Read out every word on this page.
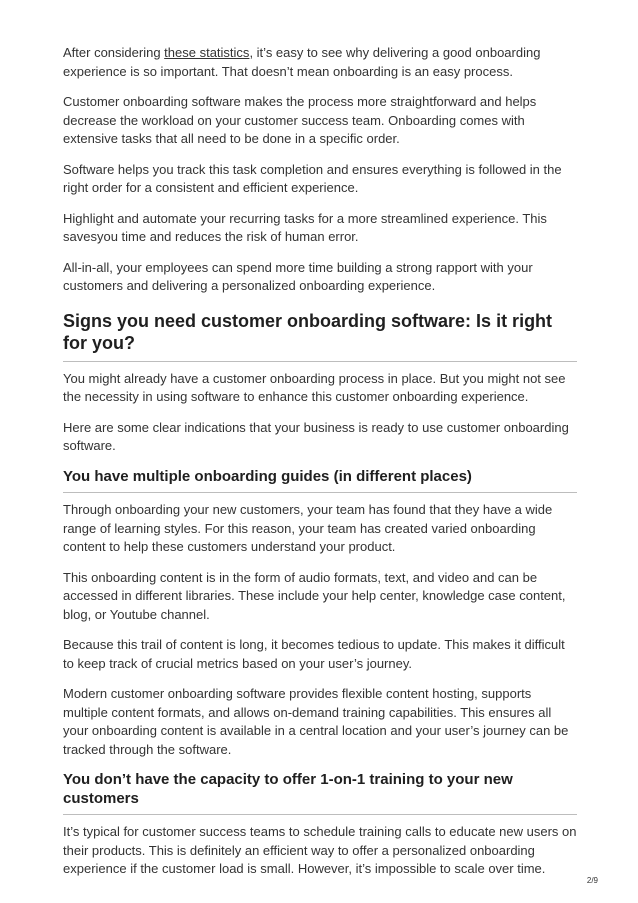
After considering these statistics, it’s easy to see why delivering a good onboarding experience is so important. That doesn’t mean onboarding is an easy process.

Customer onboarding software makes the process more straightforward and helps decrease the workload on your customer success team. Onboarding comes with extensive tasks that all need to be done in a specific order.

Software helps you track this task completion and ensures everything is followed in the right order for a consistent and efficient experience.

Highlight and automate your recurring tasks for a more streamlined experience. This savesyou time and reduces the risk of human error.

All-in-all, your employees can spend more time building a strong rapport with your customers and delivering a personalized onboarding experience.

Signs you need customer onboarding software: Is it right for you?

You might already have a customer onboarding process in place. But you might not see the necessity in using software to enhance this customer onboarding experience.

Here are some clear indications that your business is ready to use customer onboarding software.

You have multiple onboarding guides (in different places)

Through onboarding your new customers, your team has found that they have a wide range of learning styles. For this reason, your team has created varied onboarding content to help these customers understand your product.

This onboarding content is in the form of audio formats, text, and video and can be accessed in different libraries. These include your help center, knowledge case content, blog, or Youtube channel.

Because this trail of content is long, it becomes tedious to update. This makes it difficult to keep track of crucial metrics based on your user’s journey.

Modern customer onboarding software provides flexible content hosting, supports multiple content formats, and allows on-demand training capabilities. This ensures all your onboarding content is available in a central location and your user’s journey can be tracked through the software.

You don’t have the capacity to offer 1-on-1 training to your new customers

It’s typical for customer success teams to schedule training calls to educate new users on their products. This is definitely an efficient way to offer a personalized onboarding experience if the customer load is small. However, it’s impossible to scale over time.

2/9
